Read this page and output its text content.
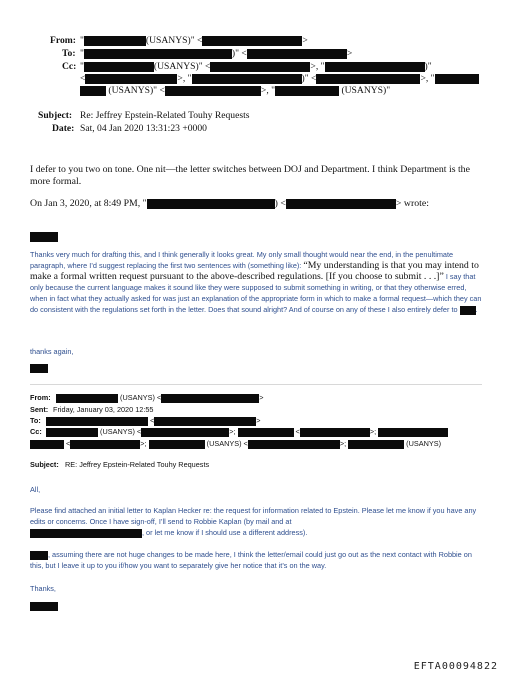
From: "	(USANYS)" <	>
To: "	)" <	>
Cc: "	(USANYS)" <	>, "	)"
<	>, "	)" <	>, "
(USANYS)" <	>, "	(USANYS)"
Subject: Re: Jeffrey Epstein-Related Touhy Requests
Date: Sat, 04 Jan 2020 13:31:23 +0000
I defer to you two on tone. One nit—the letter switches between DOJ and Department. I think Department is the more formal.
On Jan 3, 2020, at 8:49 PM, "	) <	> wrote:
Thanks very much for drafting this, and I think generally it looks great. My only small thought would near the end, in the penultimate paragraph, where I’d suggest replacing the first two sentences with (something like): “My understanding is that you may intend to make a formal written request pursuant to the above-described regulations. [If you choose to submit . . .]” I say that only because the current language makes it sound like they were supposed to submit something in writing, or that they otherwise erred, when in fact what they actually asked for was just an explanation of the appropriate form in which to make a formal request—which they can do consistent with the regulations set forth in the letter. Does that sound alright? And of course on any of these I also entirely defer to .
thanks again,
From:	(USANYS) <	>
Sent: Friday, January 03, 2020 12:55
To:	<	>
Cc:	(USANYS) <	>;	<	>;
<	>;	(USANYS) <	>;	(USANYS)
Subject: RE: Jeffrey Epstein-Related Touhy Requests
All,
Please find attached an initial letter to Kaplan Hecker re: the request for information related to Epstein. Please let me know if you have any edits or concerns. Once I have sign-off, I’ll send to Robbie Kaplan (by mail and at
, or let me know if I should use a different address).
, assuming there are not huge changes to be made here, I think the letter/email could just go out as the next contact with Robbie on this, but I leave it up to you if/how you want to separately give her notice that it’s on the way.
Thanks,
EFTA00094822
